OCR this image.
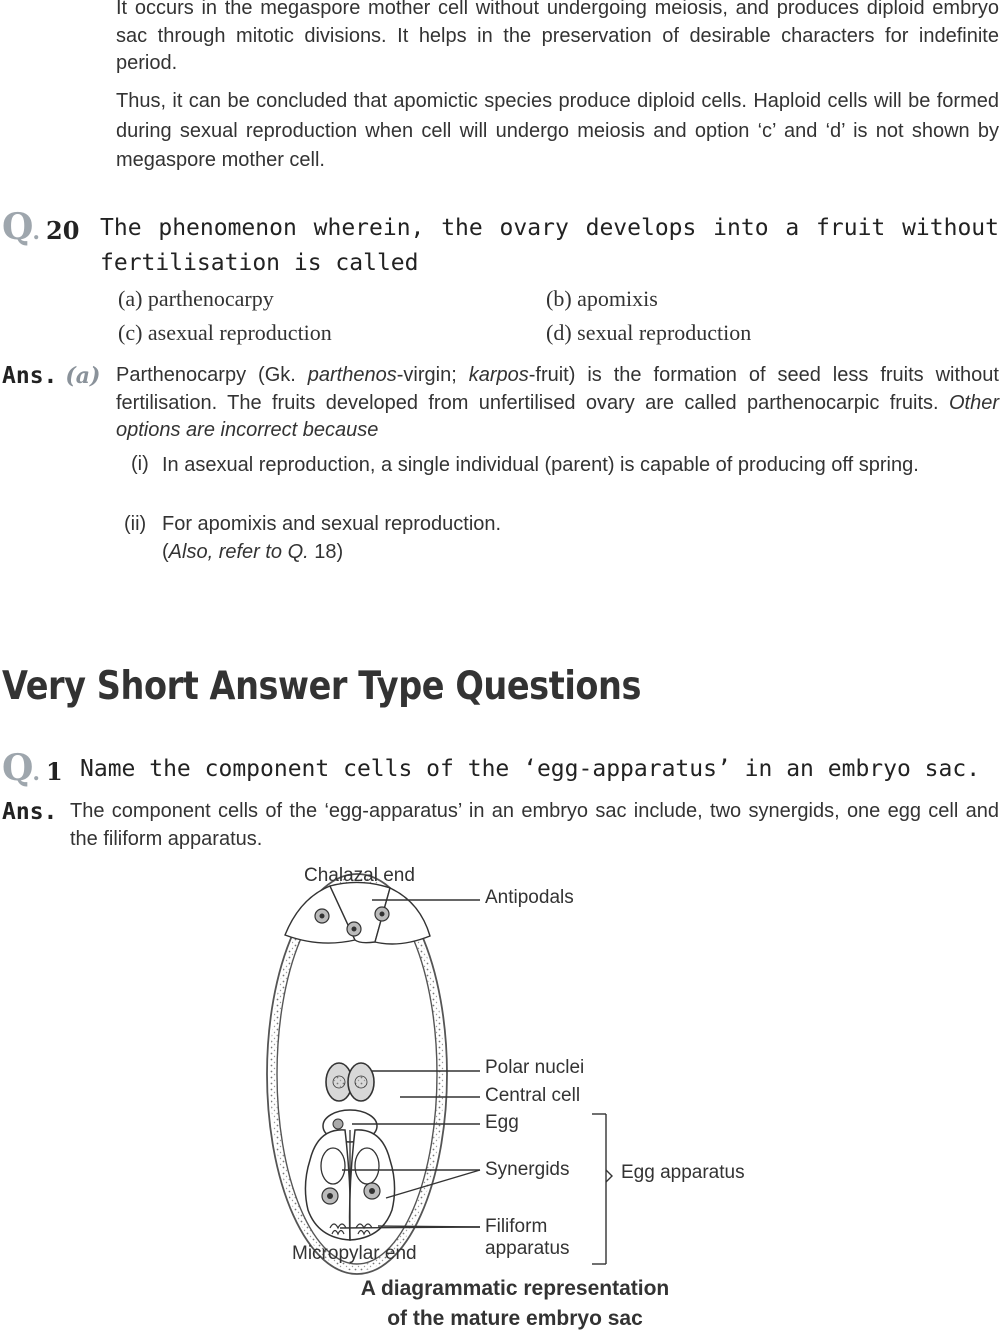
It occurs in the megaspore mother cell without undergoing meiosis, and produces diploid embryo sac through mitotic divisions. It helps in the preservation of desirable characters for indefinite period.
Thus, it can be concluded that apomictic species produce diploid cells. Haploid cells will be formed during sexual reproduction when cell will undergo meiosis and option ‘c’ and ‘d’ is not shown by megaspore mother cell.
Q. 20 The phenomenon wherein, the ovary develops into a fruit without fertilisation is called
(a) parthenocarpy	(b) apomixis
(c) asexual reproduction	(d) sexual reproduction
Ans. (a) Parthenocarpy (Gk. parthenos-virgin; karpos-fruit) is the formation of seed less fruits without fertilisation. The fruits developed from unfertilised ovary are called parthenocarpic fruits. Other options are incorrect because
(i) In asexual reproduction, a single individual (parent) is capable of producing off spring.
(ii) For apomixis and sexual reproduction.
(Also, refer to Q. 18)
Very Short Answer Type Questions
Q. 1 Name the component cells of the ‘egg-apparatus’ in an embryo sac.
Ans. The component cells of the ‘egg-apparatus’ in an embryo sac include, two synergids, one egg cell and the filiform apparatus.
Chalazal end
Antipodals
Polar nuclei
Central cell
Egg
Synergids	Egg apparatus
Filiform
apparatus
Micropylar end
A diagrammatic representation
of the mature embryo sac
